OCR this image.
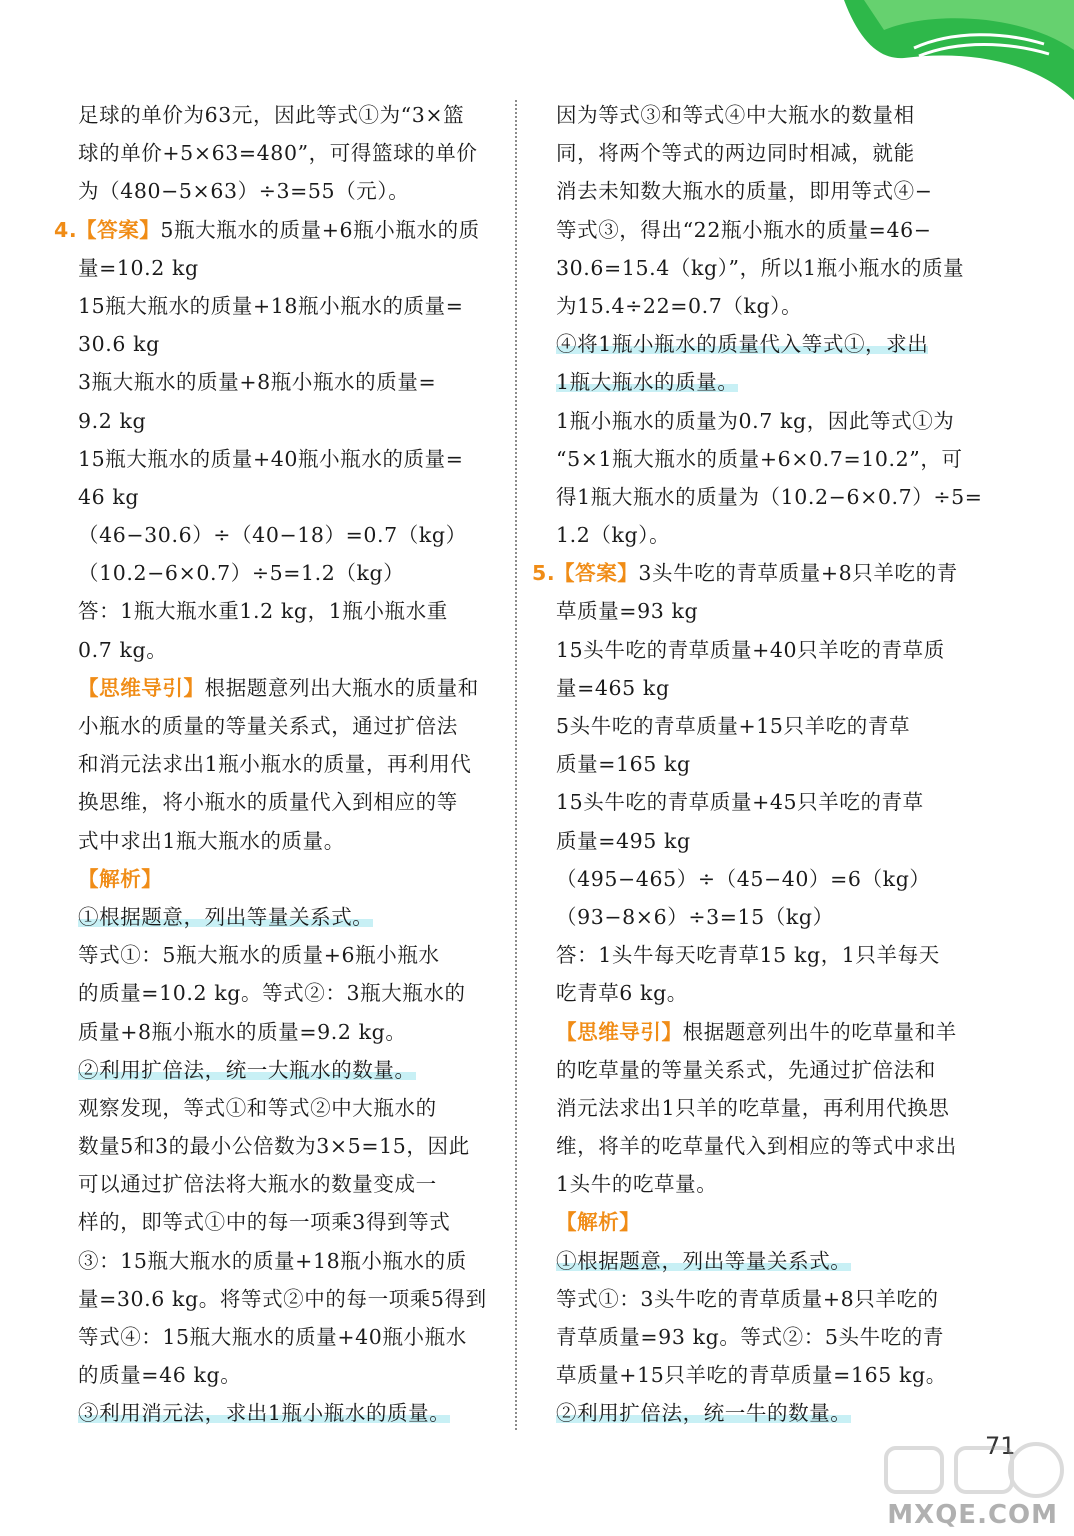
足球的单价为63元，因此等式①为“3×篮
球的单价+5×63=480”，可得篮球的单价
为（480−5×63）÷3=55（元）。
4.【答案】5瓶大瓶水的质量+6瓶小瓶水的质
量=10.2 kg
15瓶大瓶水的质量+18瓶小瓶水的质量=
30.6 kg
3瓶大瓶水的质量+8瓶小瓶水的质量=
9.2 kg
15瓶大瓶水的质量+40瓶小瓶水的质量=
46 kg
（46−30.6）÷（40−18）=0.7（kg）
（10.2−6×0.7）÷5=1.2（kg）
答：1瓶大瓶水重1.2 kg，1瓶小瓶水重
0.7 kg。
【思维导引】根据题意列出大瓶水的质量和
小瓶水的质量的等量关系式，通过扩倍法
和消元法求出1瓶小瓶水的质量，再利用代
换思维，将小瓶水的质量代入到相应的等
式中求出1瓶大瓶水的质量。
【解析】
①根据题意，列出等量关系式。
等式①：5瓶大瓶水的质量+6瓶小瓶水
的质量=10.2 kg。等式②：3瓶大瓶水的
质量+8瓶小瓶水的质量=9.2 kg。
②利用扩倍法，统一大瓶水的数量。
观察发现，等式①和等式②中大瓶水的
数量5和3的最小公倍数为3×5=15，因此
可以通过扩倍法将大瓶水的数量变成一
样的，即等式①中的每一项乘3得到等式
③：15瓶大瓶水的质量+18瓶小瓶水的质
量=30.6 kg。将等式②中的每一项乘5得到
等式④：15瓶大瓶水的质量+40瓶小瓶水
的质量=46 kg。
③利用消元法，求出1瓶小瓶水的质量。
因为等式③和等式④中大瓶水的数量相
同，将两个等式的两边同时相减，就能
消去未知数大瓶水的质量，即用等式④−
等式③，得出“22瓶小瓶水的质量=46−
30.6=15.4（kg）”，所以1瓶小瓶水的质量
为15.4÷22=0.7（kg）。
④将1瓶小瓶水的质量代入等式①，求出
1瓶大瓶水的质量。
1瓶小瓶水的质量为0.7 kg，因此等式①为
“5×1瓶大瓶水的质量+6×0.7=10.2”，可
得1瓶大瓶水的质量为（10.2−6×0.7）÷5=
1.2（kg）。
5.【答案】3头牛吃的青草质量+8只羊吃的青
草质量=93 kg
15头牛吃的青草质量+40只羊吃的青草质
量=465 kg
5头牛吃的青草质量+15只羊吃的青草
质量=165 kg
15头牛吃的青草质量+45只羊吃的青草
质量=495 kg
（495−465）÷（45−40）=6（kg）
（93−8×6）÷3=15（kg）
答：1头牛每天吃青草15 kg，1只羊每天
吃青草6 kg。
【思维导引】根据题意列出牛的吃草量和羊
的吃草量的等量关系式，先通过扩倍法和
消元法求出1只羊的吃草量，再利用代换思
维，将羊的吃草量代入到相应的等式中求出
1头牛的吃草量。
【解析】
①根据题意，列出等量关系式。
等式①：3头牛吃的青草质量+8只羊吃的
青草质量=93 kg。等式②：5头牛吃的青
草质量+15只羊吃的青草质量=165 kg。
②利用扩倍法，统一牛的数量。
71
MXQE.COM
